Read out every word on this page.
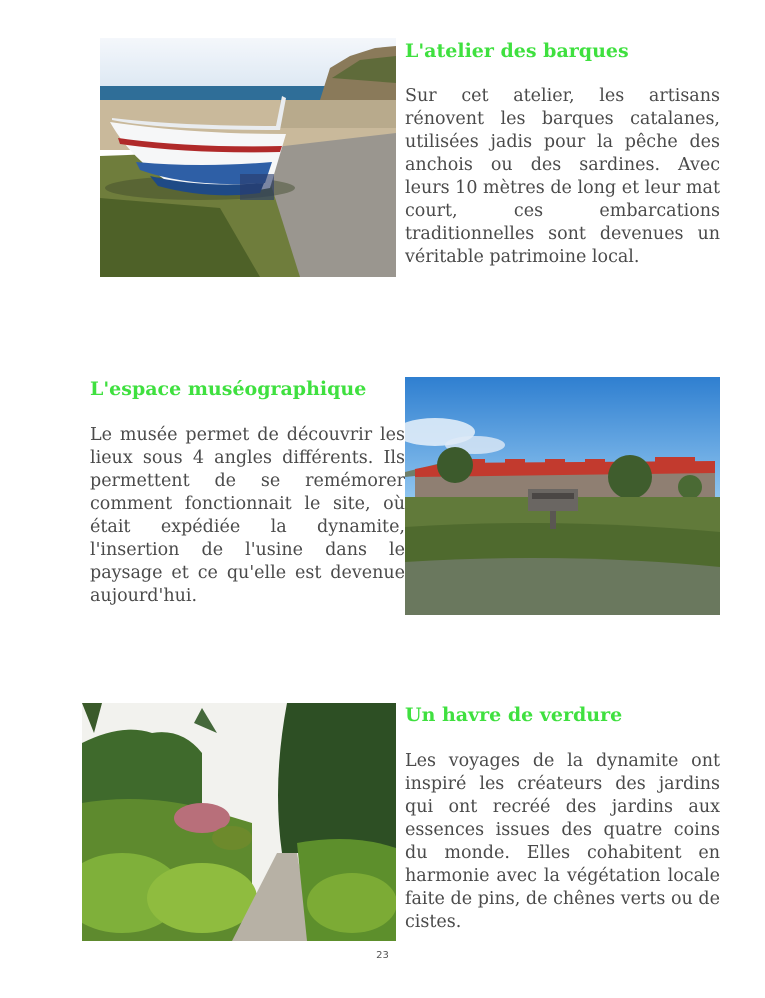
L'atelier des barques

Sur cet atelier, les artisans rénovent les barques catalanes, utilisées jadis pour la pêche des anchois ou des sardines. Avec leurs 10 mètres de long et leur mat court, ces embarcations traditionnelles sont devenues un véritable patrimoine local.

L'espace muséographique

Le musée permet de découvrir les lieux sous 4 angles différents. Ils permettent de se remémorer comment fonctionnait le site, où était expédiée la dynamite, l'insertion de l'usine dans le paysage et ce qu'elle est devenue aujourd'hui.

Un havre de verdure

Les voyages de la dynamite ont inspiré les créateurs des jardins qui ont recréé des jardins aux essences issues des quatre coins du monde. Elles cohabitent en harmonie avec la végétation locale faite de pins, de chênes verts ou de cistes.

23
